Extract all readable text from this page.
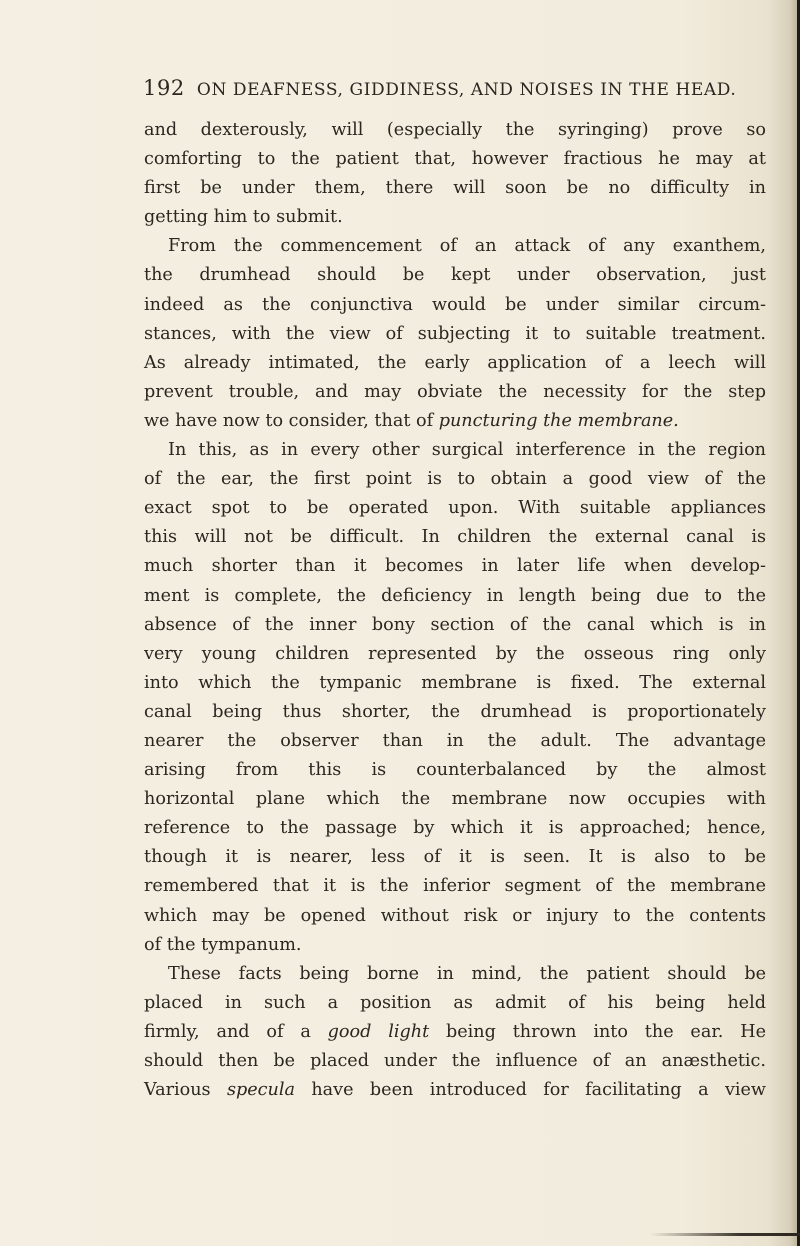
192 ON DEAFNESS, GIDDINESS, AND NOISES IN THE HEAD.
and dexterously, will (especially the syringing) prove so
comforting to the patient that, however fractious he may at
first be under them, there will soon be no difficulty in
getting him to submit.
From the commencement of an attack of any exanthem,
the drumhead should be kept under observation, just
indeed as the conjunctiva would be under similar circum-
stances, with the view of subjecting it to suitable treatment.
As already intimated, the early application of a leech will
prevent trouble, and may obviate the necessity for the step
we have now to consider, that of puncturing the membrane.
In this, as in every other surgical interference in the region
of the ear, the first point is to obtain a good view of the
exact spot to be operated upon. With suitable appliances
this will not be difficult. In children the external canal is
much shorter than it becomes in later life when develop-
ment is complete, the deficiency in length being due to the
absence of the inner bony section of the canal which is in
very young children represented by the osseous ring only
into which the tympanic membrane is fixed. The external
canal being thus shorter, the drumhead is proportionately
nearer the observer than in the adult. The advantage
arising from this is counterbalanced by the almost
horizontal plane which the membrane now occupies with
reference to the passage by which it is approached; hence,
though it is nearer, less of it is seen. It is also to be
remembered that it is the inferior segment of the membrane
which may be opened without risk or injury to the contents
of the tympanum.
These facts being borne in mind, the patient should be
placed in such a position as admit of his being held
firmly, and of a good light being thrown into the ear. He
should then be placed under the influence of an anæsthetic.
Various specula have been introduced for facilitating a view
